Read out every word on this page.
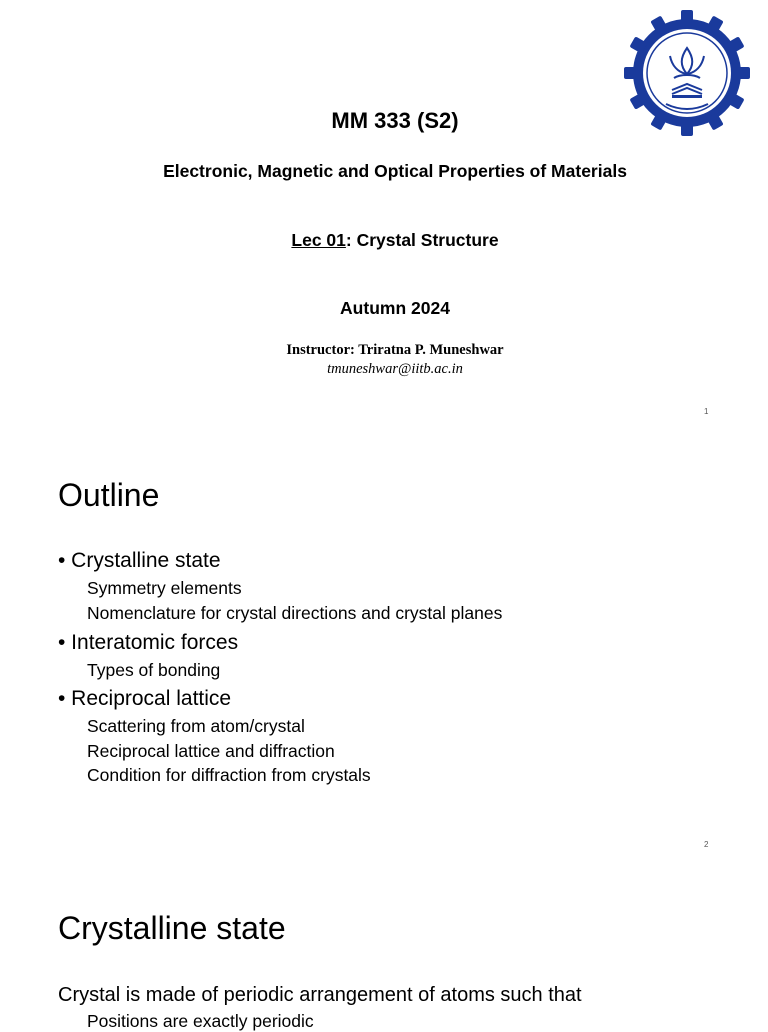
MM 333 (S2)
Electronic, Magnetic and Optical Properties of Materials
Lec 01: Crystal Structure
Autumn 2024
Instructor: Triratna P. Muneshwar
tmuneshwar@iitb.ac.in
1
Outline
• Crystalline state
Symmetry elements
Nomenclature for crystal directions and crystal planes
• Interatomic forces
Types of bonding
• Reciprocal lattice
Scattering from atom/crystal
Reciprocal lattice and diffraction
Condition for diffraction from crystals
2
Crystalline state
Crystal is made of periodic arrangement of atoms such that
Positions are exactly periodic
